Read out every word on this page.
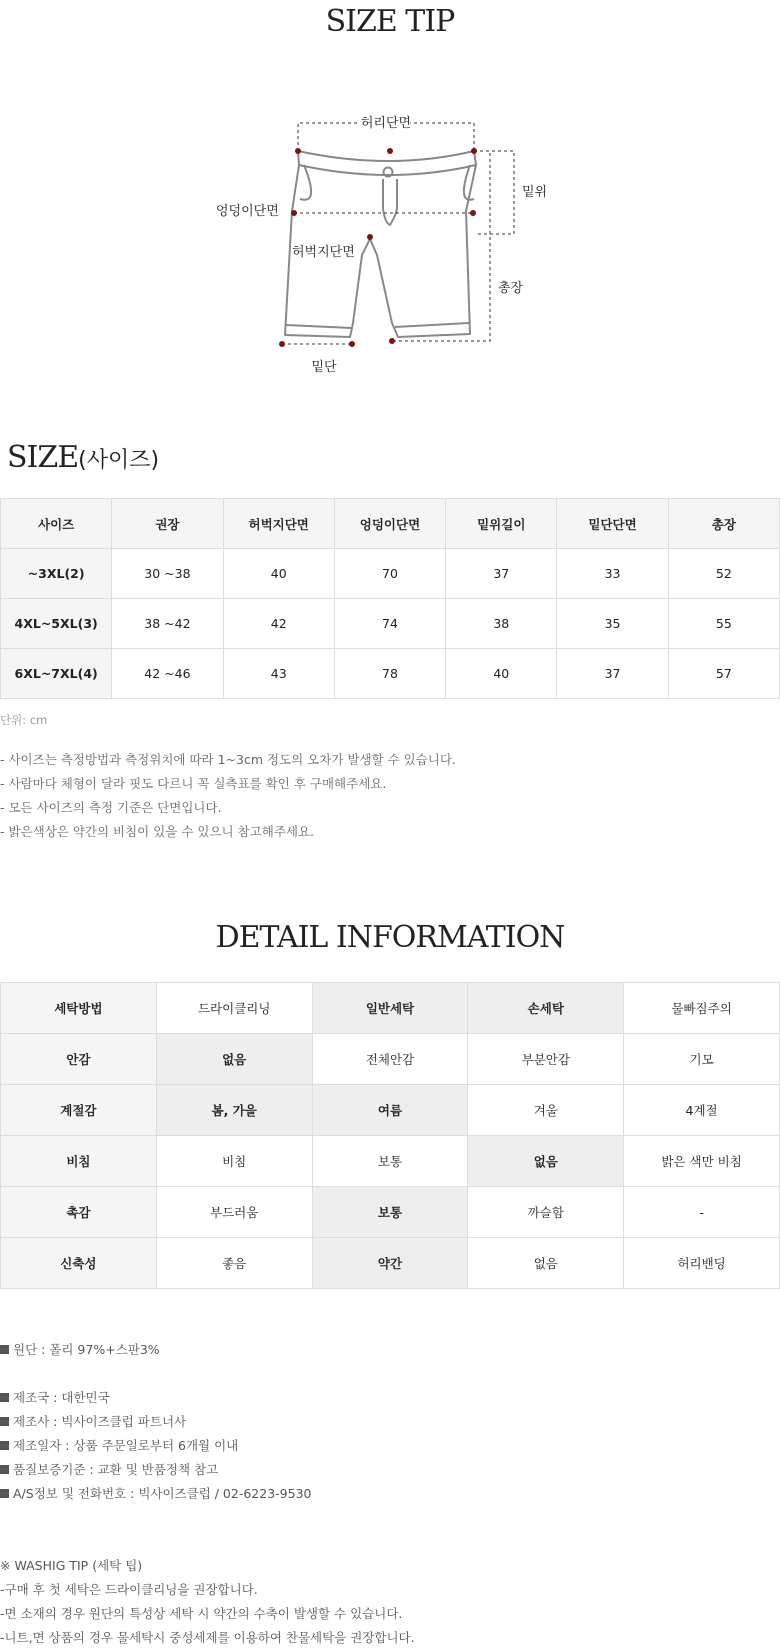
SIZE TIP
허리단면
밑위
엉덩이단면
허벅지단면
총장
밑단
SIZE(사이즈)
사이즈	권장	허벅지단면	엉덩이단면	밑위길이	밑단단면	총장
~3XL(2)	30 ~38	40	70	37	33	52
4XL~5XL(3)	38 ~42	42	74	38	35	55
6XL~7XL(4)	42 ~46	43	78	40	37	57
단위: cm
- 사이즈는 측정방법과 측정위치에 따라 1~3cm 정도의 오차가 발생할 수 있습니다.
- 사람마다 체형이 달라 핏도 다르니 꼭 실측표를 확인 후 구매해주세요.
- 모든 사이즈의 측정 기준은 단면입니다.
- 밝은색상은 약간의 비침이 있을 수 있으니 참고해주세요.
DETAIL INFORMATION
세탁방법	드라이클리닝	일반세탁	손세탁	물빠짐주의
안감	없음	전체안감	부분안감	기모
계절감	봄, 가을	여름	겨울	4계절
비침	비침	보통	없음	밝은 색만 비침
촉감	부드러움	보통	까슬함	-
신축성	좋음	약간	없음	허리밴딩
원단 : 폴리 97%+스판3%
제조국 : 대한민국
제조사 : 빅사이즈클럽 파트너사
제조일자 : 상품 주문일로부터 6개월 이내
품질보증기준 : 교환 및 반품정책 참고
A/S정보 및 전화번호 : 빅사이즈클럽 / 02-6223-9530
※ WASHIG TIP (세탁 팁)
-구매 후 첫 세탁은 드라이클리닝을 권장합니다.
-면 소재의 경우 원단의 특성상 세탁 시 약간의 수축이 발생할 수 있습니다.
-니트,면 상품의 경우 물세탁시 중성세제를 이용하여 찬물세탁을 권장합니다.
